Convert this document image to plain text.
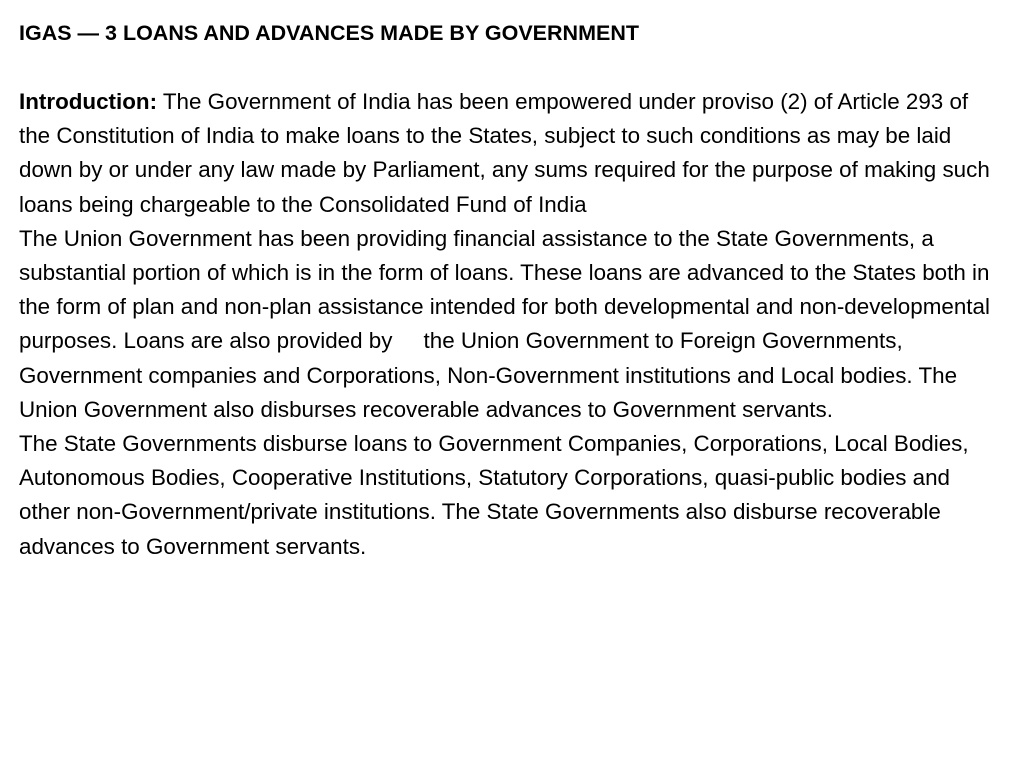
IGAS — 3 LOANS AND ADVANCES MADE BY GOVERNMENT

Introduction: The Government of India has been empowered under proviso (2) of Article 293 of the Constitution of India to make loans to the States, subject to such conditions as may be laid down by or under any law made by Parliament, any sums required for the purpose of making such loans being chargeable to the Consolidated Fund of India

The Union Government has been providing financial assistance to the State Governments, a substantial portion of which is in the form of loans. These loans are advanced to the States both in the form of plan and non-plan assistance intended for both developmental and non-developmental purposes. Loans are also provided by     the Union Government to Foreign Governments, Government companies and Corporations, Non-Government institutions and Local bodies. The Union Government also disburses recoverable advances to Government servants.

The State Governments disburse loans to Government Companies, Corporations, Local Bodies, Autonomous Bodies, Cooperative Institutions, Statutory Corporations, quasi-public bodies and other non-Government/private institutions. The State Governments also disburse recoverable advances to Government servants.
